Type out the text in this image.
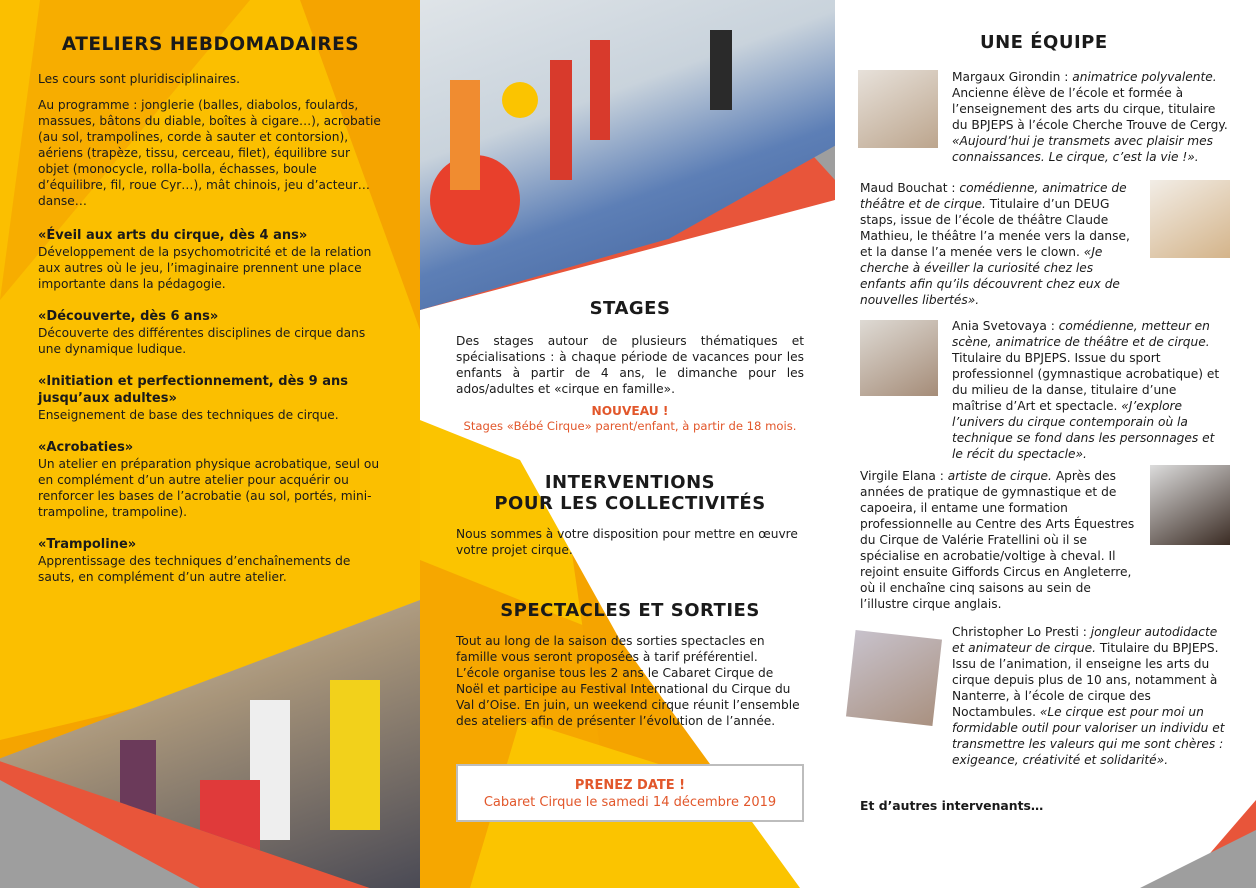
ATELIERS HEBDOMADAIRES

Les cours sont pluridisciplinaires.

Au programme : jonglerie (balles, diabolos, foulards, massues, bâtons du diable, boîtes à cigare…), acrobatie (au sol, trampolines, corde à sauter et contorsion), aériens (trapèze, tissu, cerceau, filet), équilibre sur objet (monocycle, rolla-bolla, échasses, boule d’équilibre, fil, roue Cyr…), mât chinois, jeu d’acteur… danse…

«Éveil aux arts du cirque, dès 4 ans»

Développement de la psychomotricité et de la relation aux autres où le jeu, l’imaginaire prennent une place importante dans la pédagogie.

«Découverte, dès 6 ans»

Découverte des différentes disciplines de cirque dans une dynamique ludique.

«Initiation et perfectionnement, dès 9 ans jusqu’aux adultes»

Enseignement de base des techniques de cirque.

«Acrobaties»

Un atelier en préparation physique acrobatique, seul ou en complément d’un autre atelier pour acquérir ou renforcer les bases de l’acrobatie (au sol, portés, mini-trampoline, trampoline).

«Trampoline»

Apprentissage des techniques d’enchaînements de sauts, en complément d’un autre atelier.

STAGES

Des stages autour de plusieurs thématiques et spécialisations : à chaque période de vacances pour les enfants à partir de 4 ans, le dimanche pour les ados/adultes et «cirque en famille».

NOUVEAU !

Stages «Bébé Cirque» parent/enfant, à partir de 18 mois.

INTERVENTIONS
POUR LES COLLECTIVITÉS

Nous sommes à votre disposition pour mettre en œuvre votre projet cirque.

SPECTACLES ET SORTIES

Tout au long de la saison des sorties spectacles en famille vous seront proposées à tarif préférentiel. L’école organise tous les 2 ans le Cabaret Cirque de Noël et participe au Festival International du Cirque du Val d’Oise. En juin, un weekend cirque réunit l’ensemble des ateliers afin de présenter l’évolution de l’année.

PRENEZ DATE !

Cabaret Cirque le samedi 14 décembre 2019

UNE ÉQUIPE
Margaux Girondin : animatrice polyvalente. Ancienne élève de l’école et formée à l’enseignement des arts du cirque, titulaire du BPJEPS à l’école Cherche Trouve de Cergy. «Aujourd’hui je transmets avec plaisir mes connaissances. Le cirque, c’est la vie !».
Maud Bouchat : comédienne, animatrice de théâtre et de cirque. Titulaire d’un DEUG staps, issue de l’école de théâtre Claude Mathieu, le théâtre l’a menée vers la danse, et la danse l’a menée vers le clown. «Je cherche à éveiller la curiosité chez les enfants afin qu’ils découvrent chez eux de nouvelles libertés».
Ania Svetovaya : comédienne, metteur en scène, animatrice de théâtre et de cirque. Titulaire du BPJEPS. Issue du sport professionnel (gymnastique acrobatique) et du milieu de la danse, titulaire d’une maîtrise d’Art et spectacle. «J’explore l’univers du cirque contemporain où la technique se fond dans les personnages et le récit du spectacle».
Virgile Elana : artiste de cirque. Après des années de pratique de gymnastique et de capoeira, il entame une formation professionnelle au Centre des Arts Équestres du Cirque de Valérie Fratellini où il se spécialise en acrobatie/voltige à cheval. Il rejoint ensuite Giffords Circus en Angleterre, où il enchaîne cinq saisons au sein de l’illustre cirque anglais.
Christopher Lo Presti : jongleur autodidacte et animateur de cirque. Titulaire du BPJEPS. Issu de l’animation, il enseigne les arts du cirque depuis plus de 10 ans, notamment à Nanterre, à l’école de cirque des Noctambules. «Le cirque est pour moi un formidable outil pour valoriser un individu et transmettre les valeurs qui me sont chères : exigeance, créativité et solidarité».

Et d’autres intervenants…
